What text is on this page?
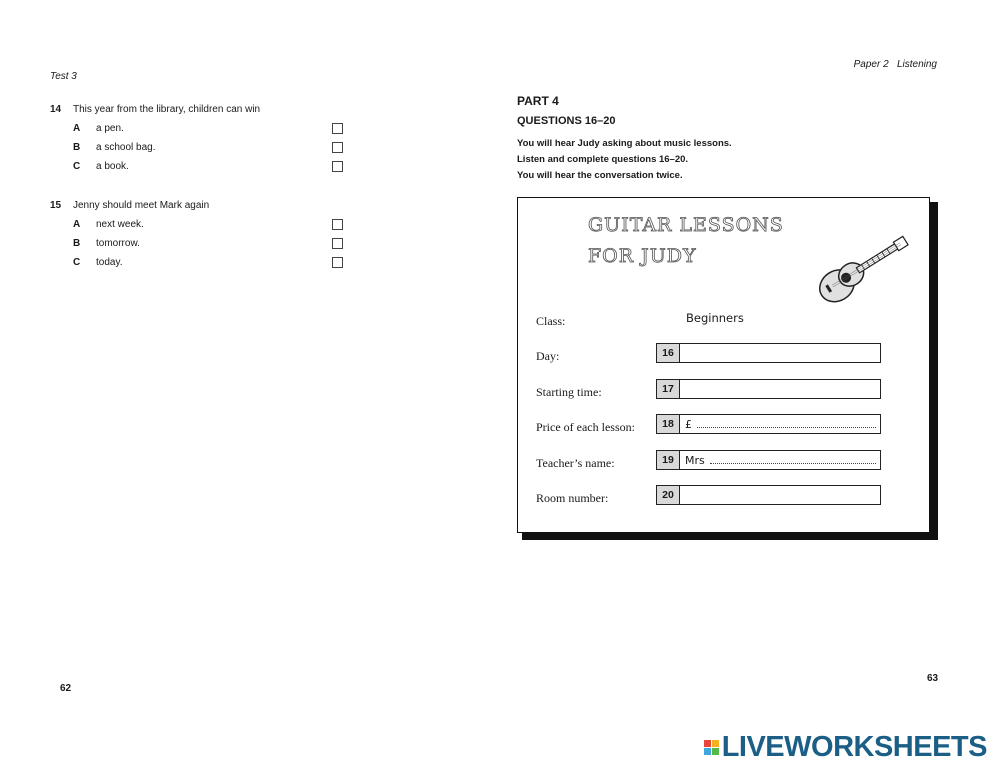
Test 3
14 This year from the library, children can win
A a pen.
B a school bag.
C a book.
15 Jenny should meet Mark again
A next week.
B tomorrow.
C today.
62
Paper 2   Listening
PART 4
QUESTIONS 16–20
You will hear Judy asking about music lessons.
Listen and complete questions 16–20.
You will hear the conversation twice.
GUITAR LESSONS
FOR JUDY
Class:	Beginners
Day:	16
Starting time:	17
Price of each lesson:	18	£
Teacher’s name:	19	Mrs
Room number:	20
63
LIVEWORKSHEETS
